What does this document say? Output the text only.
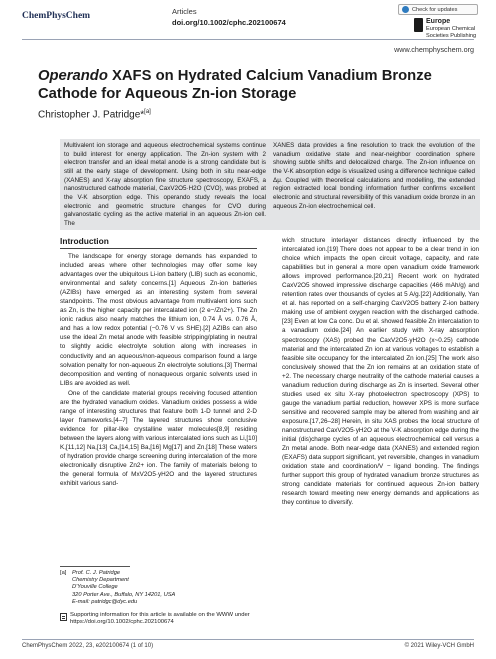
ChemPhysChem	Articles
doi.org/10.1002/cphc.202100674
Check for updates
Europe
European Chemical
Societies Publishing
www.chemphyschem.org
Operando XAFS on Hydrated Calcium Vanadium Bronze Cathode for Aqueous Zn-ion Storage
Christopher J. Patridge*[a]
Multivalent ion storage and aqueous electrochemical systems continue to build interest for energy application. The Zn-ion system with 2 electron transfer and an ideal metal anode is a strong candidate but is still at the early stage of development. Using both in situ near-edge (XANES) and X-ray absorption fine structure spectroscopy, EXAFS, a nanostructured cathode material, CaxV2O5·H2O (CVO), was probed at the V-K absorption edge. This operando study reveals the local electronic and geometric structure changes for CVO during galvanostatic cycling as the active material in an aqueous Zn-ion cell. The
XANES data provides a fine resolution to track the evolution of the vanadium oxidative state and near-neighbor coordination sphere showing subtle shifts and delocalized charge. The Zn-ion influence on the V-K absorption edge is visualized using a difference technique called Δμ. Coupled with theoretical calculations and modelling, the extended region extracted local bonding information further confirms excellent electronic and structural reversibility of this vanadium oxide bronze in an aqueous Zn-ion electrochemical cell.
Introduction

The landscape for energy storage demands has expanded to included areas where other technologies may offer some key advantages over the ubiquitous Li-ion battery (LIB) such as economic, environmental and safety concerns.[1] Aqueous Zn-ion batteries (AZIBs) have emerged as an interesting system from several standpoints. The most obvious advantage from multivalent ions such as Zn, is the higher capacity per intercalated ion (2 e−/Zn2+). The Zn ionic radius also nearly matches the lithium ion, 0.74 Å vs. 0.76 Å, and has a low redox potential (−0.76 V vs SHE).[2] AZIBs can also use the ideal Zn metal anode with feasible stripping/plating in neutral to slightly acidic electrolyte solution along with increases in conductivity and an aqueous/non-aqueous comparison found a large solvation penalty for non-aqueous Zn electrolyte solutions.[3] Thermal decomposition and venting of nonaqueous organic solvents used in LIBs are avoided as well.

One of the candidate material groups receiving focused attention are the hydrated vanadium oxides. Vanadium oxides possess a wide range of interesting structures that feature both 1-D tunnel and 2-D layer frameworks.[4–7] The layered structures show conclusive evidence for pillar-like crystalline water molecules[8,9] residing between the layers along with various intercalated ions such as Li,[10] K,[11,12] Na,[13] Ca,[14,15] Ba,[16] Mg[17] and Zn.[18] These waters of hydration provide charge screening during intercalation of the more electronically disruptive Zn2+ ion. The family of materials belong to the general formula of MxV2O5·yH2O and the layered structures exhibit various sand-

wich structure interlayer distances directly influenced by the intercalated ion.[19] There does not appear to be a clear trend in ion choice which impacts the open circuit voltage, capacity, and rate capabilities but in general a more open vanadium oxide framework allows improved performance.[20,21] Recent work on hydrated CaxV2O5 showed impressive discharge capacities (466 mAh/g) and retention rates over thousands of cycles at 5 A/g.[22] Additionally, Yan et al. has reported on a self-charging CaxV2O5 battery Z-ion battery making use of ambient oxygen reaction with the discharged cathode.[23] Even at low Ca conc. Du et al. showed feasible Zn intercalation to a vanadium oxide.[24] An earlier study with X-ray absorption spectroscopy (XAS) probed the CaxV2O5·yH2O (x~0.25) cathode material and the intercalated Zn ion at various voltages to establish a feasible site occupancy for the intercalated Zn ion.[25] The work also conclusively showed that the Zn ion remains at an oxidation state of +2. The necessary charge neutrality of the cathode material causes a vanadium reduction during discharge as Zn is inserted. Several other studies used ex situ X-ray photoelectron spectroscopy (XPS) to gauge the vanadium partial reduction, however XPS is more surface sensitive and recovered sample may be altered from washing and air exposure.[17,26–28] Herein, in situ XAS probes the local structure of nanostructured CaxV2O5·yH2O at the V-K absorption edge during the initial (dis)charge cycles of an aqueous electrochemical cell versus a Zn metal anode. Both near-edge data (XANES) and extended region (EXAFS) data support significant, yet reversible, changes in vanadium oxidation state and coordination/V − ligand bonding. The findings further support this group of hydrated vanadium bronze structures as strong candidate materials for continued aqueous Zn-ion battery research toward meeting new energy demands and applications as they continue to diversify.

[a] Prof. C. J. Patridge
Chemistry Department
D'Youville College
320 Porter Ave., Buffalo, NY 14201, USA
E-mail: patridgc@dyc.edu
Supporting information for this article is available on the WWW under https://doi.org/10.1002/cphc.202100674
ChemPhysChem 2022, 23, e202100674 (1 of 10)	© 2021 Wiley-VCH GmbH
